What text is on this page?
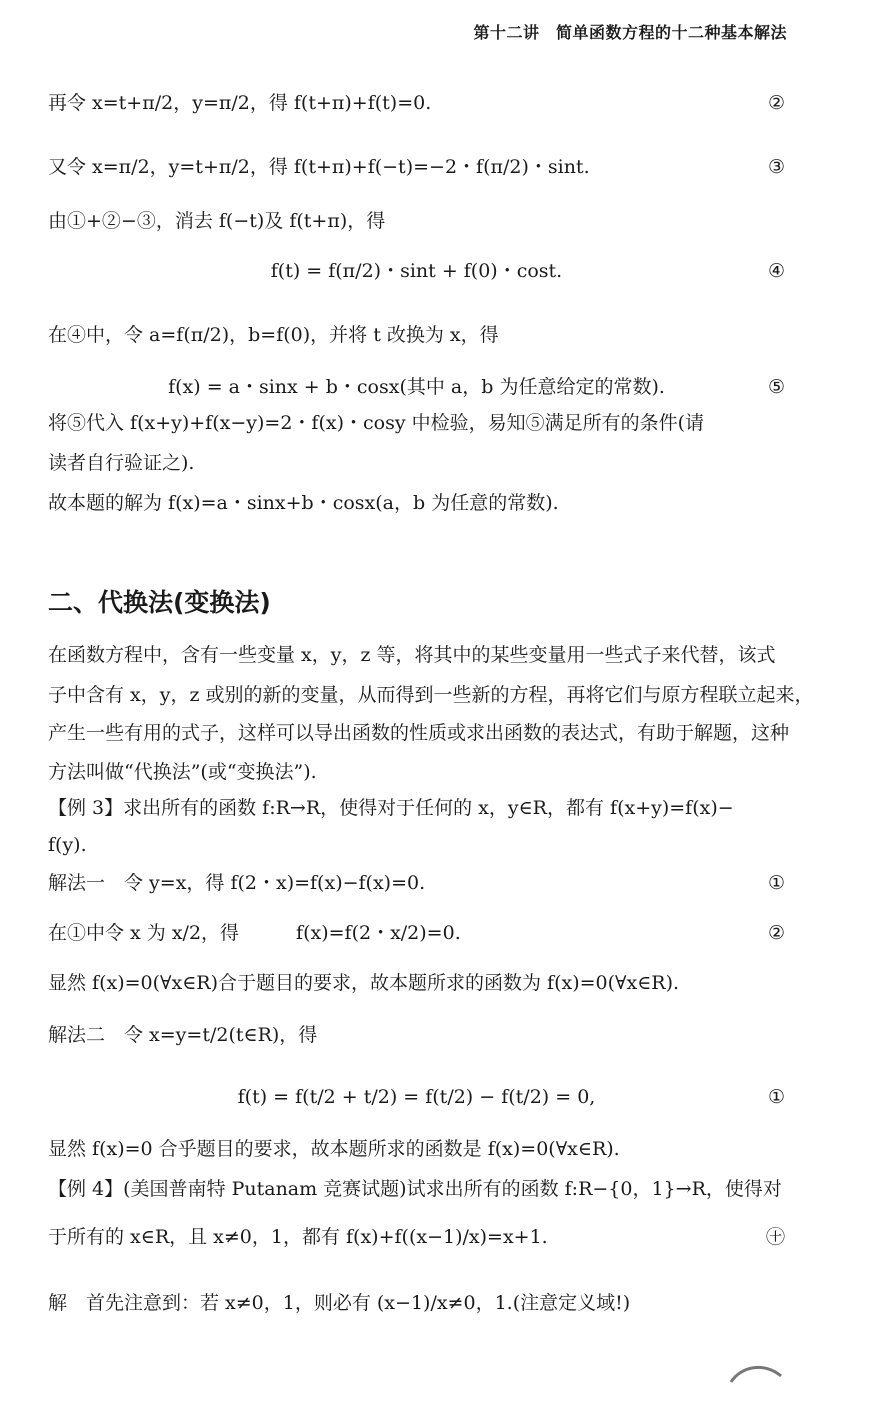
第十二讲　简单函数方程的十二种基本解法
再令 x=t+π/2，y=π/2，得 f(t+π)+f(t)=0.	②
又令 x=π/2，y=t+π/2，得 f(t+π)+f(−t)=−2・f(π/2)・sint.	③
由①+②−③，消去 f(−t)及 f(t+π)，得
f(t) = f(π/2)・sint + f(0)・cost.	④
在④中，令 a=f(π/2)，b=f(0)，并将 t 改换为 x，得
f(x) = a・sinx + b・cosx(其中 a，b 为任意给定的常数).	⑤
将⑤代入 f(x+y)+f(x−y)=2・f(x)・cosy 中检验，易知⑤满足所有的条件(请
读者自行验证之).
故本题的解为 f(x)=a・sinx+b・cosx(a，b 为任意的常数).
二、代换法(变换法)
在函数方程中，含有一些变量 x，y，z 等，将其中的某些变量用一些式子来代替，该式
子中含有 x，y，z 或别的新的变量，从而得到一些新的方程，再将它们与原方程联立起来，
产生一些有用的式子，这样可以导出函数的性质或求出函数的表达式，有助于解题，这种
方法叫做“代换法”(或“变换法”).
【例 3】求出所有的函数 f:R→R，使得对于任何的 x，y∈R，都有 f(x+y)=f(x)−
f(y).
解法一　令 y=x，得 f(2・x)=f(x)−f(x)=0.	①
在①中令 x 为 x/2，得　　　f(x)=f(2・x/2)=0.	②
显然 f(x)=0(∀x∈R)合于题目的要求，故本题所求的函数为 f(x)=0(∀x∈R).
解法二　令 x=y=t/2(t∈R)，得
f(t) = f(t/2 + t/2) = f(t/2) − f(t/2) = 0,	①
显然 f(x)=0 合乎题目的要求，故本题所求的函数是 f(x)=0(∀x∈R).
【例 4】(美国普南特 Putanam 竞赛试题)试求出所有的函数 f:R−{0，1}→R，使得对
于所有的 x∈R，且 x≠0，1，都有 f(x)+f((x−1)/x)=x+1.	㊉
解　首先注意到：若 x≠0，1，则必有 (x−1)/x≠0，1.(注意定义域!)
